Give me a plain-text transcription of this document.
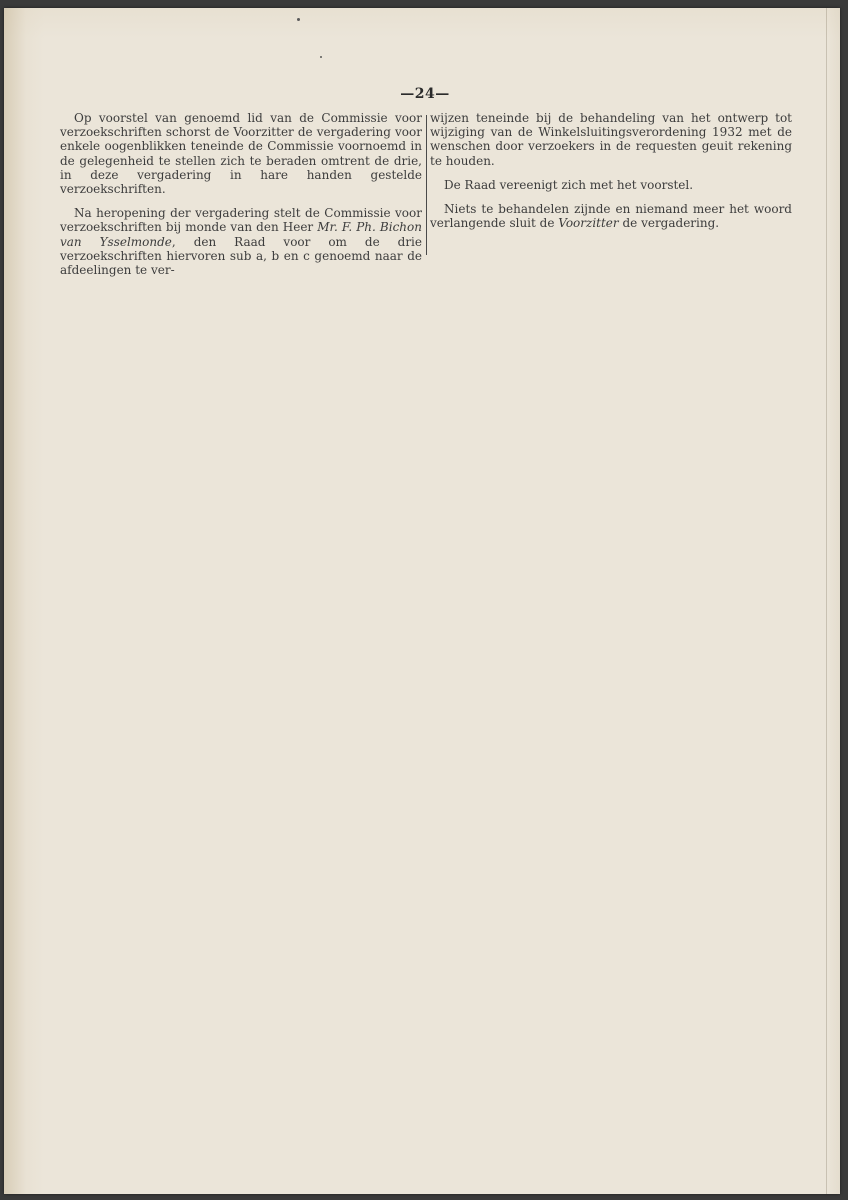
—24—

Op voorstel van genoemd lid van de Commissie voor verzoekschriften schorst de Voorzitter de vergadering voor enkele oogenblikken teneinde de Commissie voornoemd in de gelegenheid te stellen zich te beraden omtrent de drie, in deze vergadering in hare handen gestelde verzoekschriften.

Na heropening der vergadering stelt de Commissie voor verzoekschriften bij monde van den Heer Mr. F. Ph. Bichon van Ysselmonde, den Raad voor om de drie verzoekschriften hiervoren sub a, b en c genoemd naar de afdeelingen te ver-

wijzen teneinde bij de behandeling van het ontwerp tot wijziging van de Winkelsluitingsverordening 1932 met de wenschen door verzoekers in de requesten geuit rekening te houden.

De Raad vereenigt zich met het voorstel.

Niets te behandelen zijnde en niemand meer het woord verlangende sluit de Voorzitter de vergadering.
